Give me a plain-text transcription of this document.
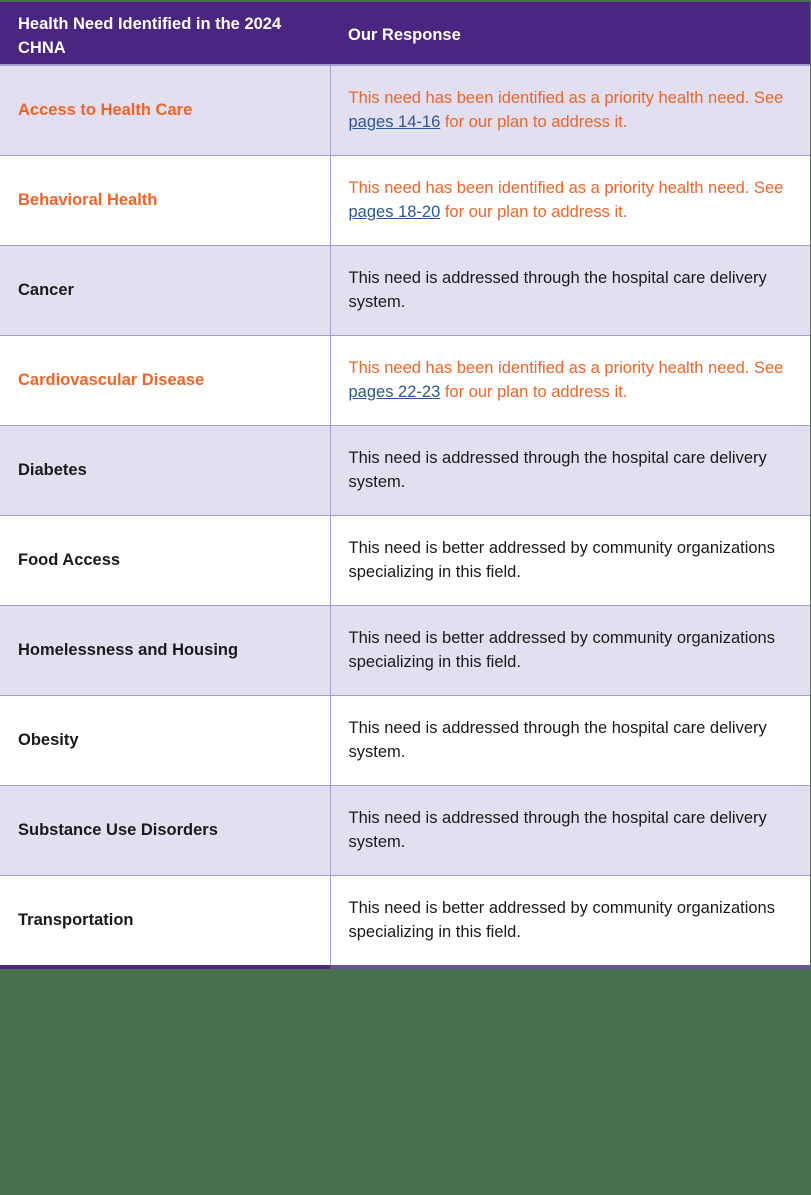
Health Need Identified in the 2024 CHNA	Our Response
Access to Health Care	This need has been identified as a priority health need. See pages 14-16 for our plan to address it.
Behavioral Health	This need has been identified as a priority health need. See pages 18-20 for our plan to address it.
Cancer	This need is addressed through the hospital care delivery system.
Cardiovascular Disease	This need has been identified as a priority health need. See pages 22-23 for our plan to address it.
Diabetes	This need is addressed through the hospital care delivery system.
Food Access	This need is better addressed by community organizations specializing in this field.
Homelessness and Housing	This need is better addressed by community organizations specializing in this field.
Obesity	This need is addressed through the hospital care delivery system.
Substance Use Disorders	This need is addressed through the hospital care delivery system.
Transportation	This need is better addressed by community organizations specializing in this field.
